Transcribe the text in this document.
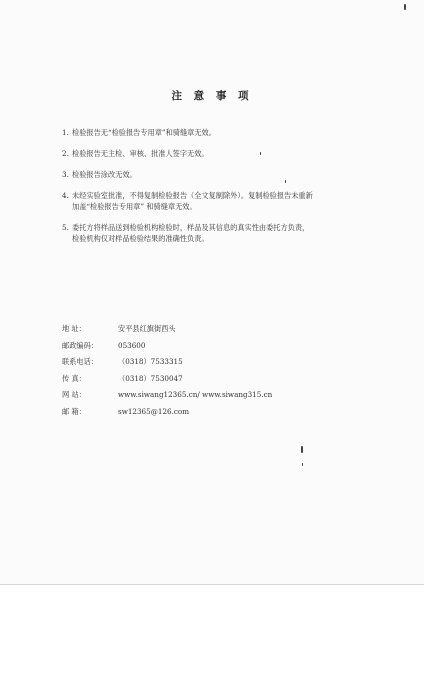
注 意 事 项
1. 检验报告无“检验报告专用章”和骑缝章无效。
2. 检验报告无主检、审核、批准人签字无效。
3. 检验报告涂改无效。
4. 未经实验室批准，不得复制检验报告（全文复制除外）。复制检验报告未重新
加盖“检验报告专用章” 和骑缝章无效。
5. 委托方将样品送到检验机构检验时，样品及其信息的真实性由委托方负责，
检验机构仅对样品检验结果的准确性负责。
地 址：	安平县红旗街西头
邮政编码：	053600
联系电话：	（0318）7533315
传 真：	（0318）7530047
网 站：	www.siwang12365.cn/ www.siwang315.cn
邮 箱：	sw12365@126.com
